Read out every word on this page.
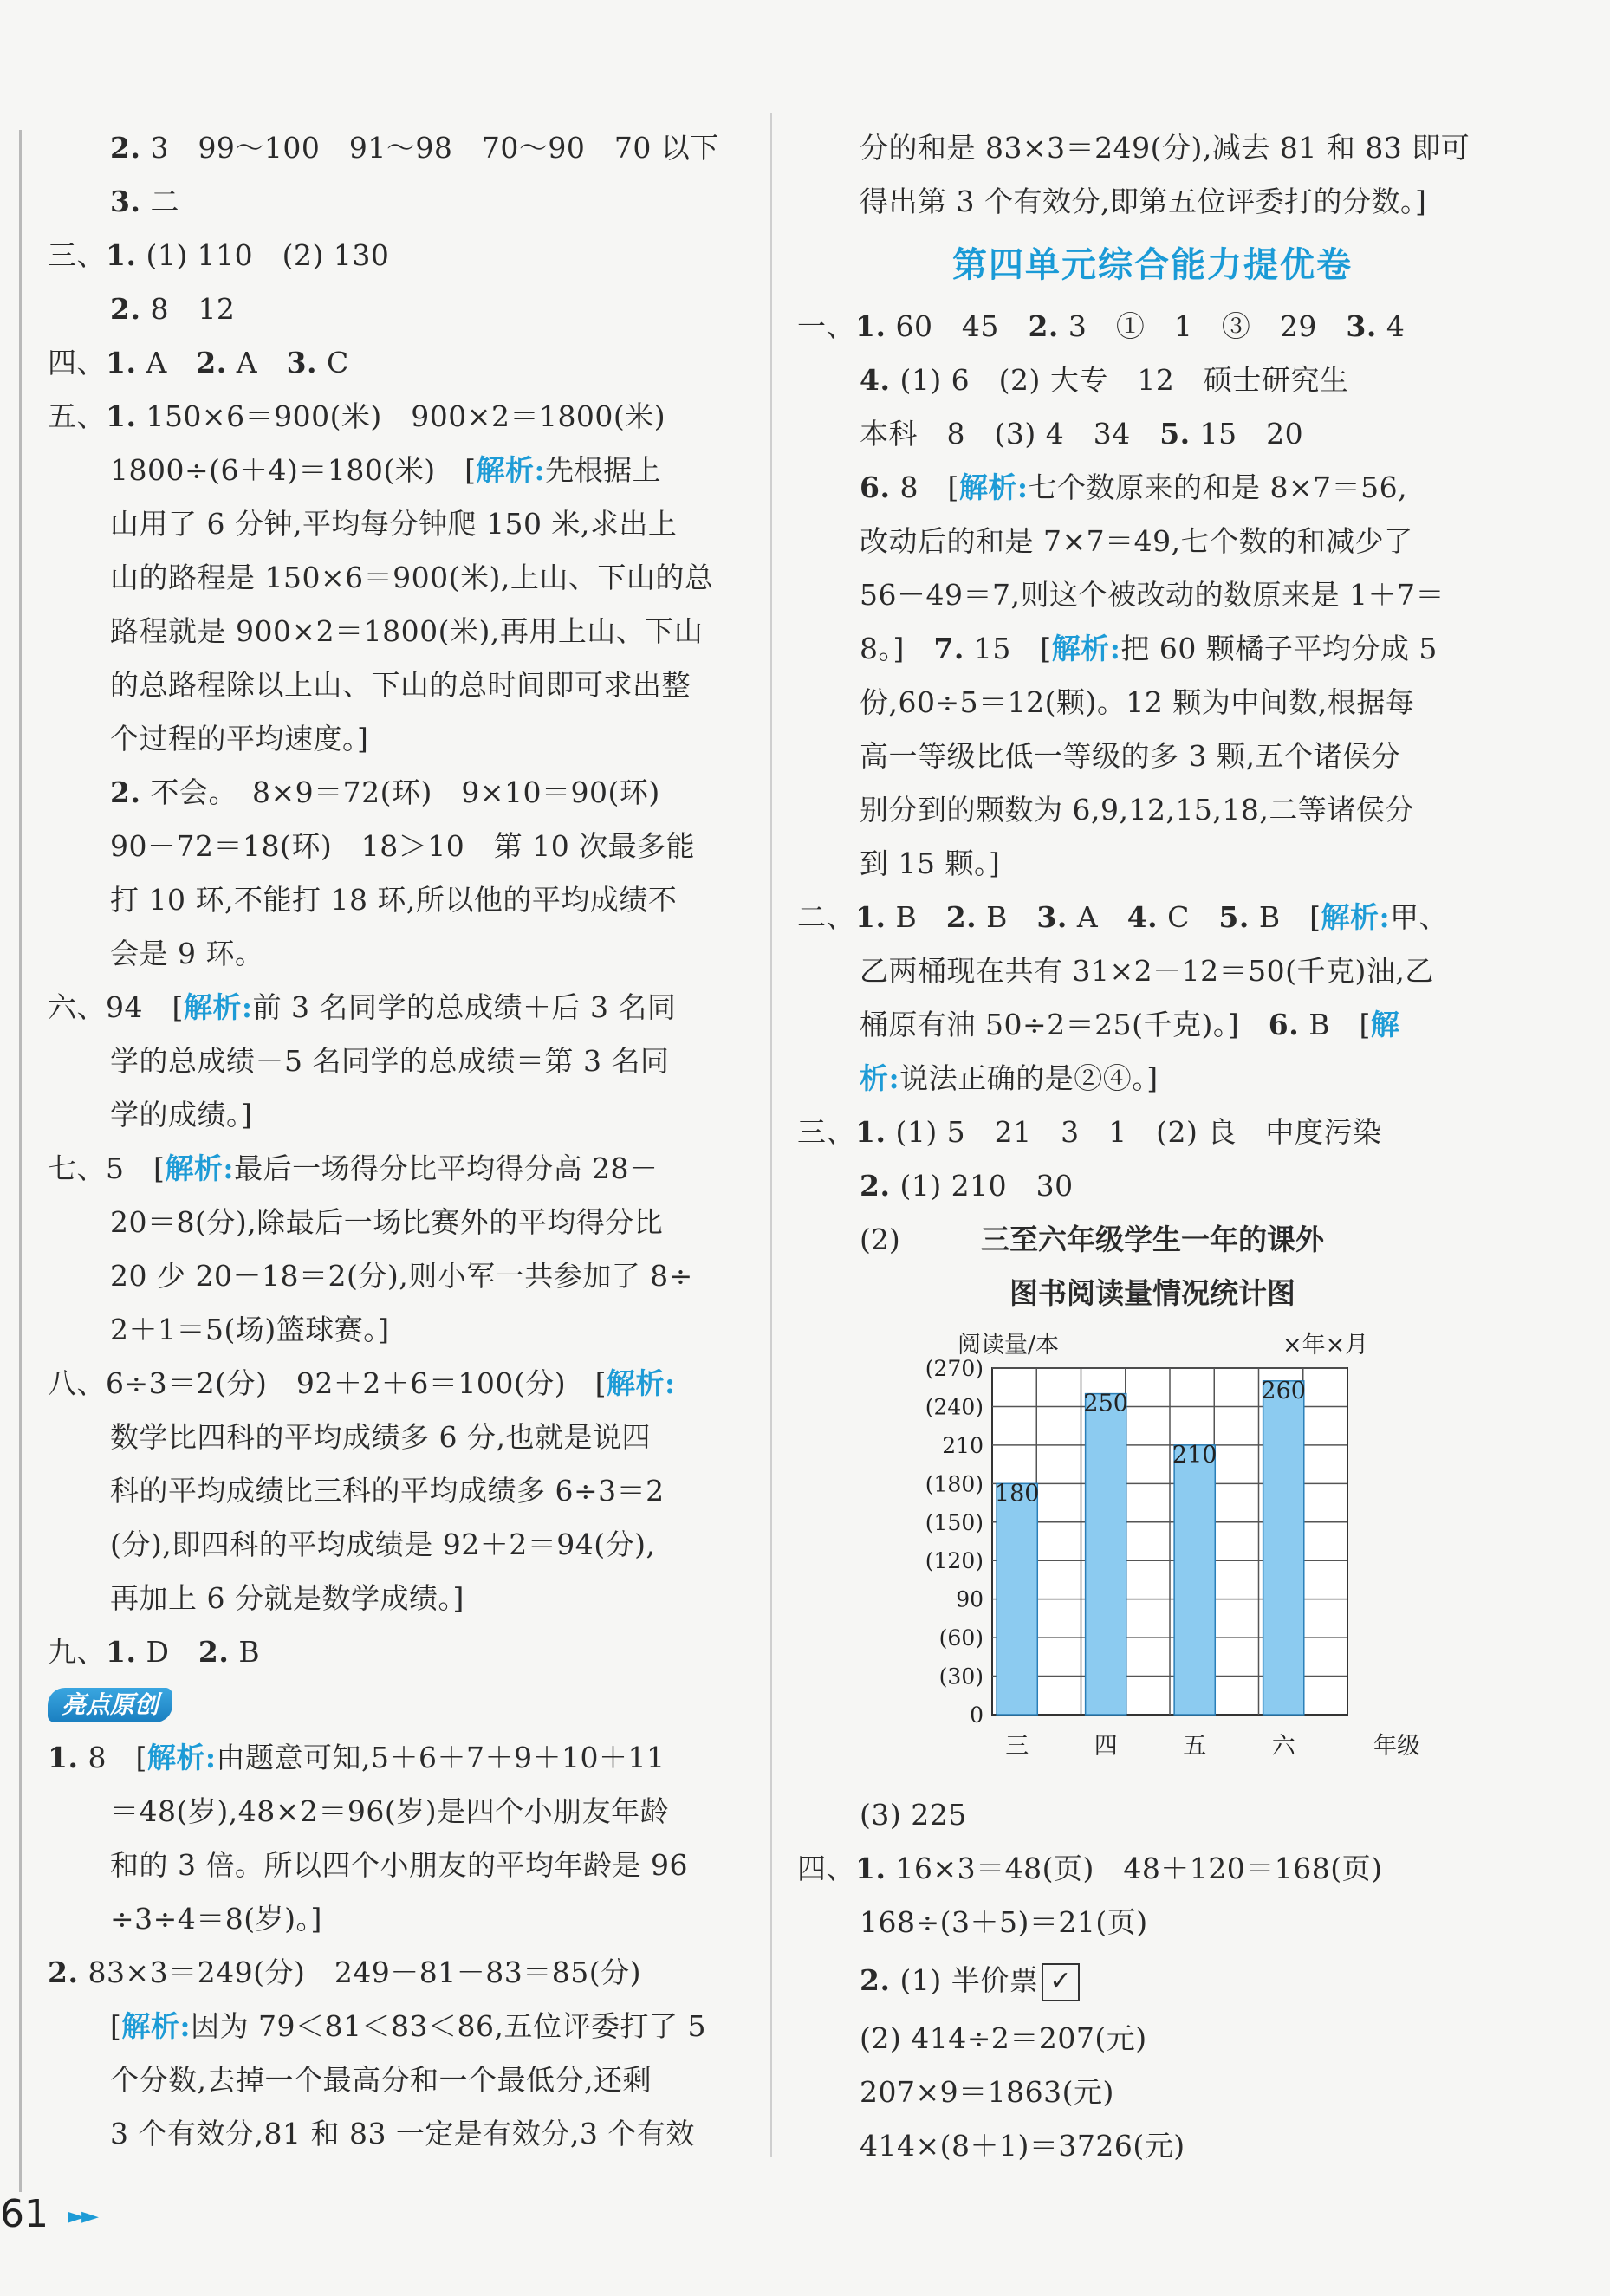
2. 3　99～100　91～98　70～90　70 以下
3. 二
三、1. (1) 110　(2) 130
2. 8　12
四、1. A　2. A　3. C
五、1. 150×6＝900(米)　900×2＝1800(米)
1800÷(6＋4)＝180(米)　[解析:先根据上
山用了 6 分钟,平均每分钟爬 150 米,求出上
山的路程是 150×6＝900(米),上山、下山的总
路程就是 900×2＝1800(米),再用上山、下山
的总路程除以上山、下山的总时间即可求出整
个过程的平均速度。]
2. 不会。　8×9＝72(环)　9×10＝90(环)
90－72＝18(环)　18＞10　第 10 次最多能
打 10 环,不能打 18 环,所以他的平均成绩不
会是 9 环。
六、94　[解析:前 3 名同学的总成绩＋后 3 名同
学的总成绩－5 名同学的总成绩＝第 3 名同
学的成绩。]
七、5　[解析:最后一场得分比平均得分高 28－
20＝8(分),除最后一场比赛外的平均得分比
20 少 20－18＝2(分),则小军一共参加了 8÷
2＋1＝5(场)篮球赛。]
八、6÷3＝2(分)　92＋2＋6＝100(分)　[解析:
数学比四科的平均成绩多 6 分,也就是说四
科的平均成绩比三科的平均成绩多 6÷3＝2
(分),即四科的平均成绩是 92＋2＝94(分),
再加上 6 分就是数学成绩。]
九、1. D　2. B
亮点原创
1. 8　[解析:由题意可知,5＋6＋7＋9＋10＋11
＝48(岁),48×2＝96(岁)是四个小朋友年龄
和的 3 倍。所以四个小朋友的平均年龄是 96
÷3÷4＝8(岁)。]
2. 83×3＝249(分)　249－81－83＝85(分)
[解析:因为 79＜81＜83＜86,五位评委打了 5
个分数,去掉一个最高分和一个最低分,还剩
3 个有效分,81 和 83 一定是有效分,3 个有效
分的和是 83×3＝249(分),减去 81 和 83 即可
得出第 3 个有效分,即第五位评委打的分数。]
第四单元综合能力提优卷
一、1. 60　45　2. 3　①　1　③　29　3. 4
4. (1) 6　(2) 大专　12　硕士研究生
本科　8　(3) 4　34　5. 15　20
6. 8　[解析:七个数原来的和是 8×7＝56,
改动后的和是 7×7＝49,七个数的和减少了
56－49＝7,则这个被改动的数原来是 1＋7＝
8。]　7. 15　[解析:把 60 颗橘子平均分成 5
份,60÷5＝12(颗)。12 颗为中间数,根据每
高一等级比低一等级的多 3 颗,五个诸侯分
别分到的颗数为 6,9,12,15,18,二等诸侯分
到 15 颗。]
二、1. B　2. B　3. A　4. C　5. B　[解析:甲、
乙两桶现在共有 31×2－12＝50(千克)油,乙
桶原有油 50÷2＝25(千克)。]　6. B　[解
析:说法正确的是②④。]
三、1. (1) 5　21　3　1　(2) 良　中度污染
2. (1) 210　30
(2)	三至六年级学生一年的课外
图书阅读量情况统计图
0
(30)
(60)
90
(120)
(150)
(180)
210
(240)
(270)
180
三
250
四
210
五
260
六
阅读量/本	×年×月
年级
(3) 225
四、1. 16×3＝48(页)　48＋120＝168(页)
168÷(3＋5)＝21(页)
2. (1) 半价票 ✓
(2) 414÷2＝207(元)
207×9＝1863(元)
414×(8＋1)＝3726(元)
61 ►►
